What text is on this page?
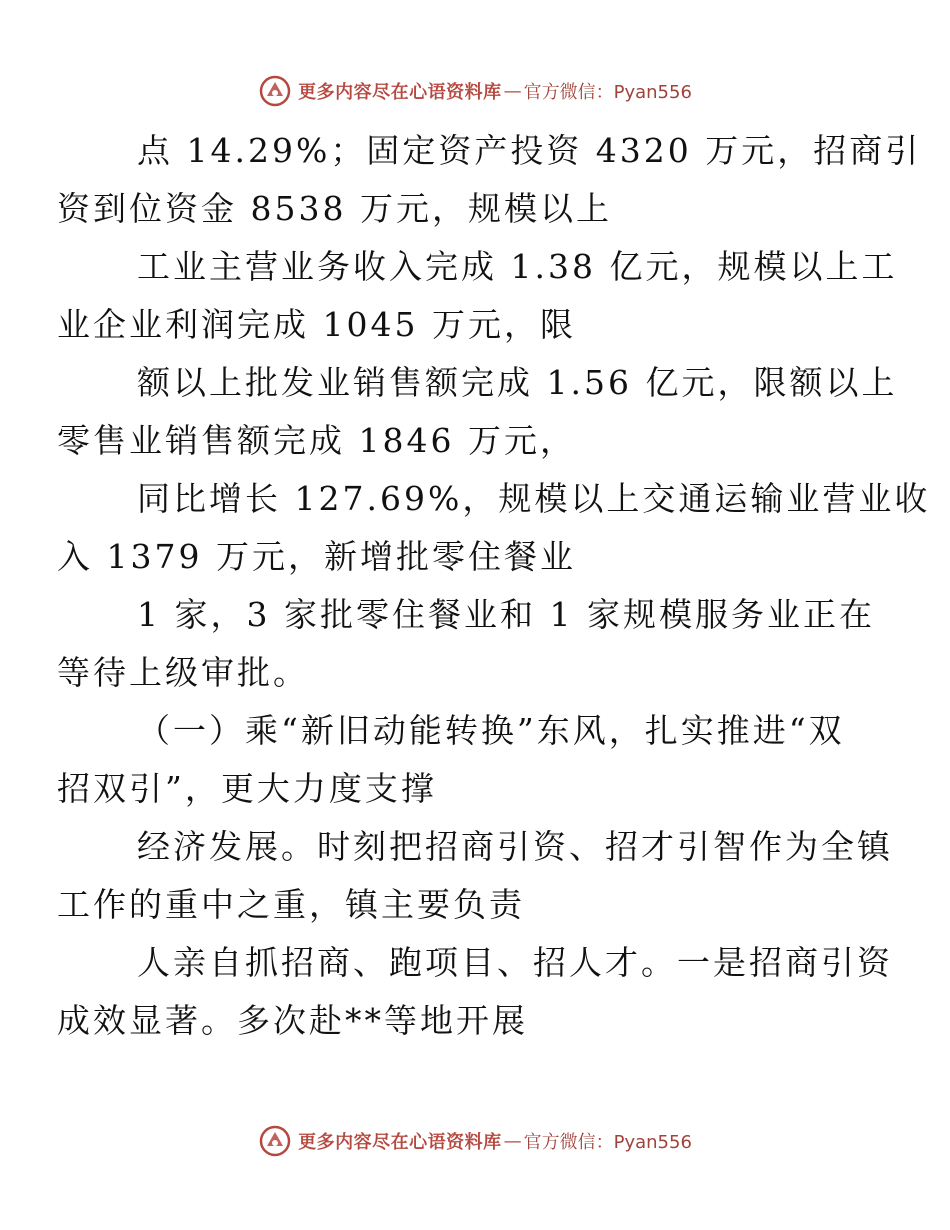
更多内容尽在心语资料库 — 官方微信：Pyan556

点 14.29%；固定资产投资 4320 万元，招商引
资到位资金 8538 万元，规模以上

工业主营业务收入完成 1.38 亿元，规模以上工
业企业利润完成 1045 万元，限

额以上批发业销售额完成 1.56 亿元，限额以上
零售业销售额完成 1846 万元，

同比增长 127.69%，规模以上交通运输业营业收
入 1379 万元，新增批零住餐业

1 家，3 家批零住餐业和 1 家规模服务业正在
等待上级审批。

（一）乘“新旧动能转换”东风，扎实推进“双
招双引”，更大力度支撑

经济发展。时刻把招商引资、招才引智作为全镇
工作的重中之重，镇主要负责

人亲自抓招商、跑项目、招人才。一是招商引资
成效显著。多次赴**等地开展

更多内容尽在心语资料库 — 官方微信：Pyan556
